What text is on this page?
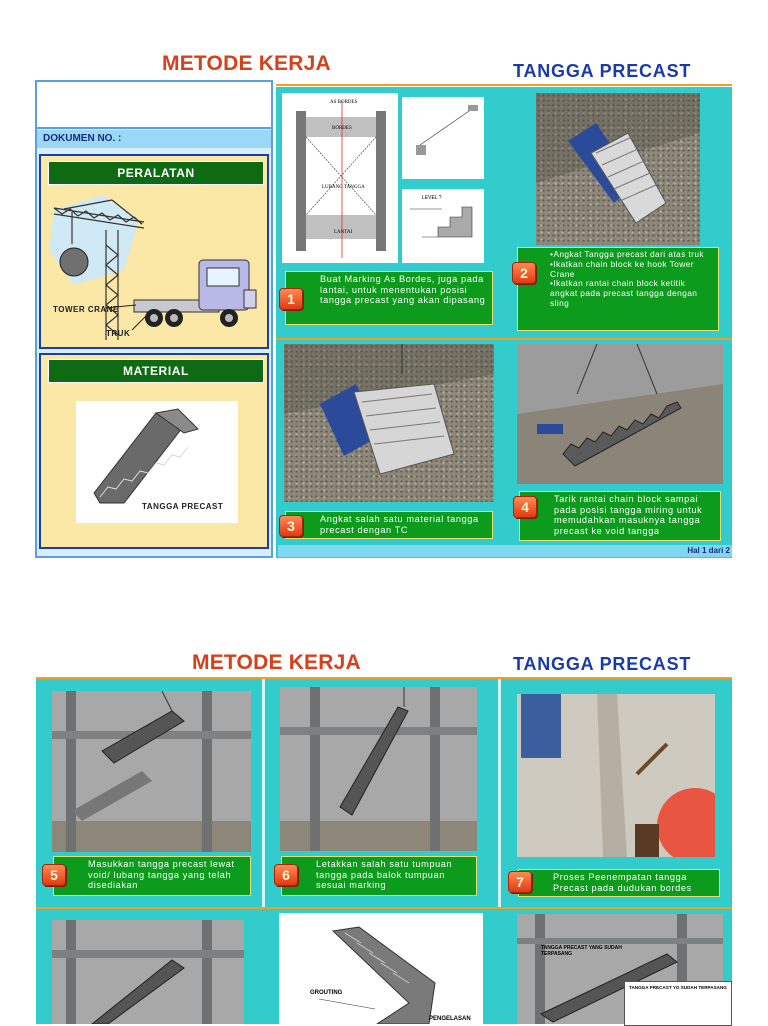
METODE KERJA	TANGGA PRECAST
DOKUMEN NO. :
PERALATAN
TOWER CRANE
TRUK
MATERIAL
TANGGA PRECAST
Hal 1 dari 2
AS BORDES
BORDES
LUBANG TANGGA
LANTAI
LEVEL ?
Buat Marking As Bordes, juga pada lantai, untuk menentukan posisi tangga precast yang akan dipasang
1
•Angkat Tangga precast dari atas truk
•Ikatkan chain block ke hook Tower Crane
•Ikatkan rantai chain block ketitik angkat pada precast tangga dengan sling
2
Angkat salah satu material tangga precast dengan TC
3
Tarik rantai chain block sampai pada posisi tangga miring untuk memudahkan masuknya tangga precast ke void tangga
4
METODE KERJA	TANGGA PRECAST
Masukkan tangga precast lewat void/ lubang tangga yang telah disediakan
5
Letakkan salah satu tumpuan tangga pada balok tumpuan sesuai marking
6	Proses Peenempatan tangga Precast pada dudukan bordes
7
GROUTING
PENGELASAN
TANGGA PRECAST YANG SUDAH TERPASANG
TANGGA PRECAST YG SUDAH TERPASANG
